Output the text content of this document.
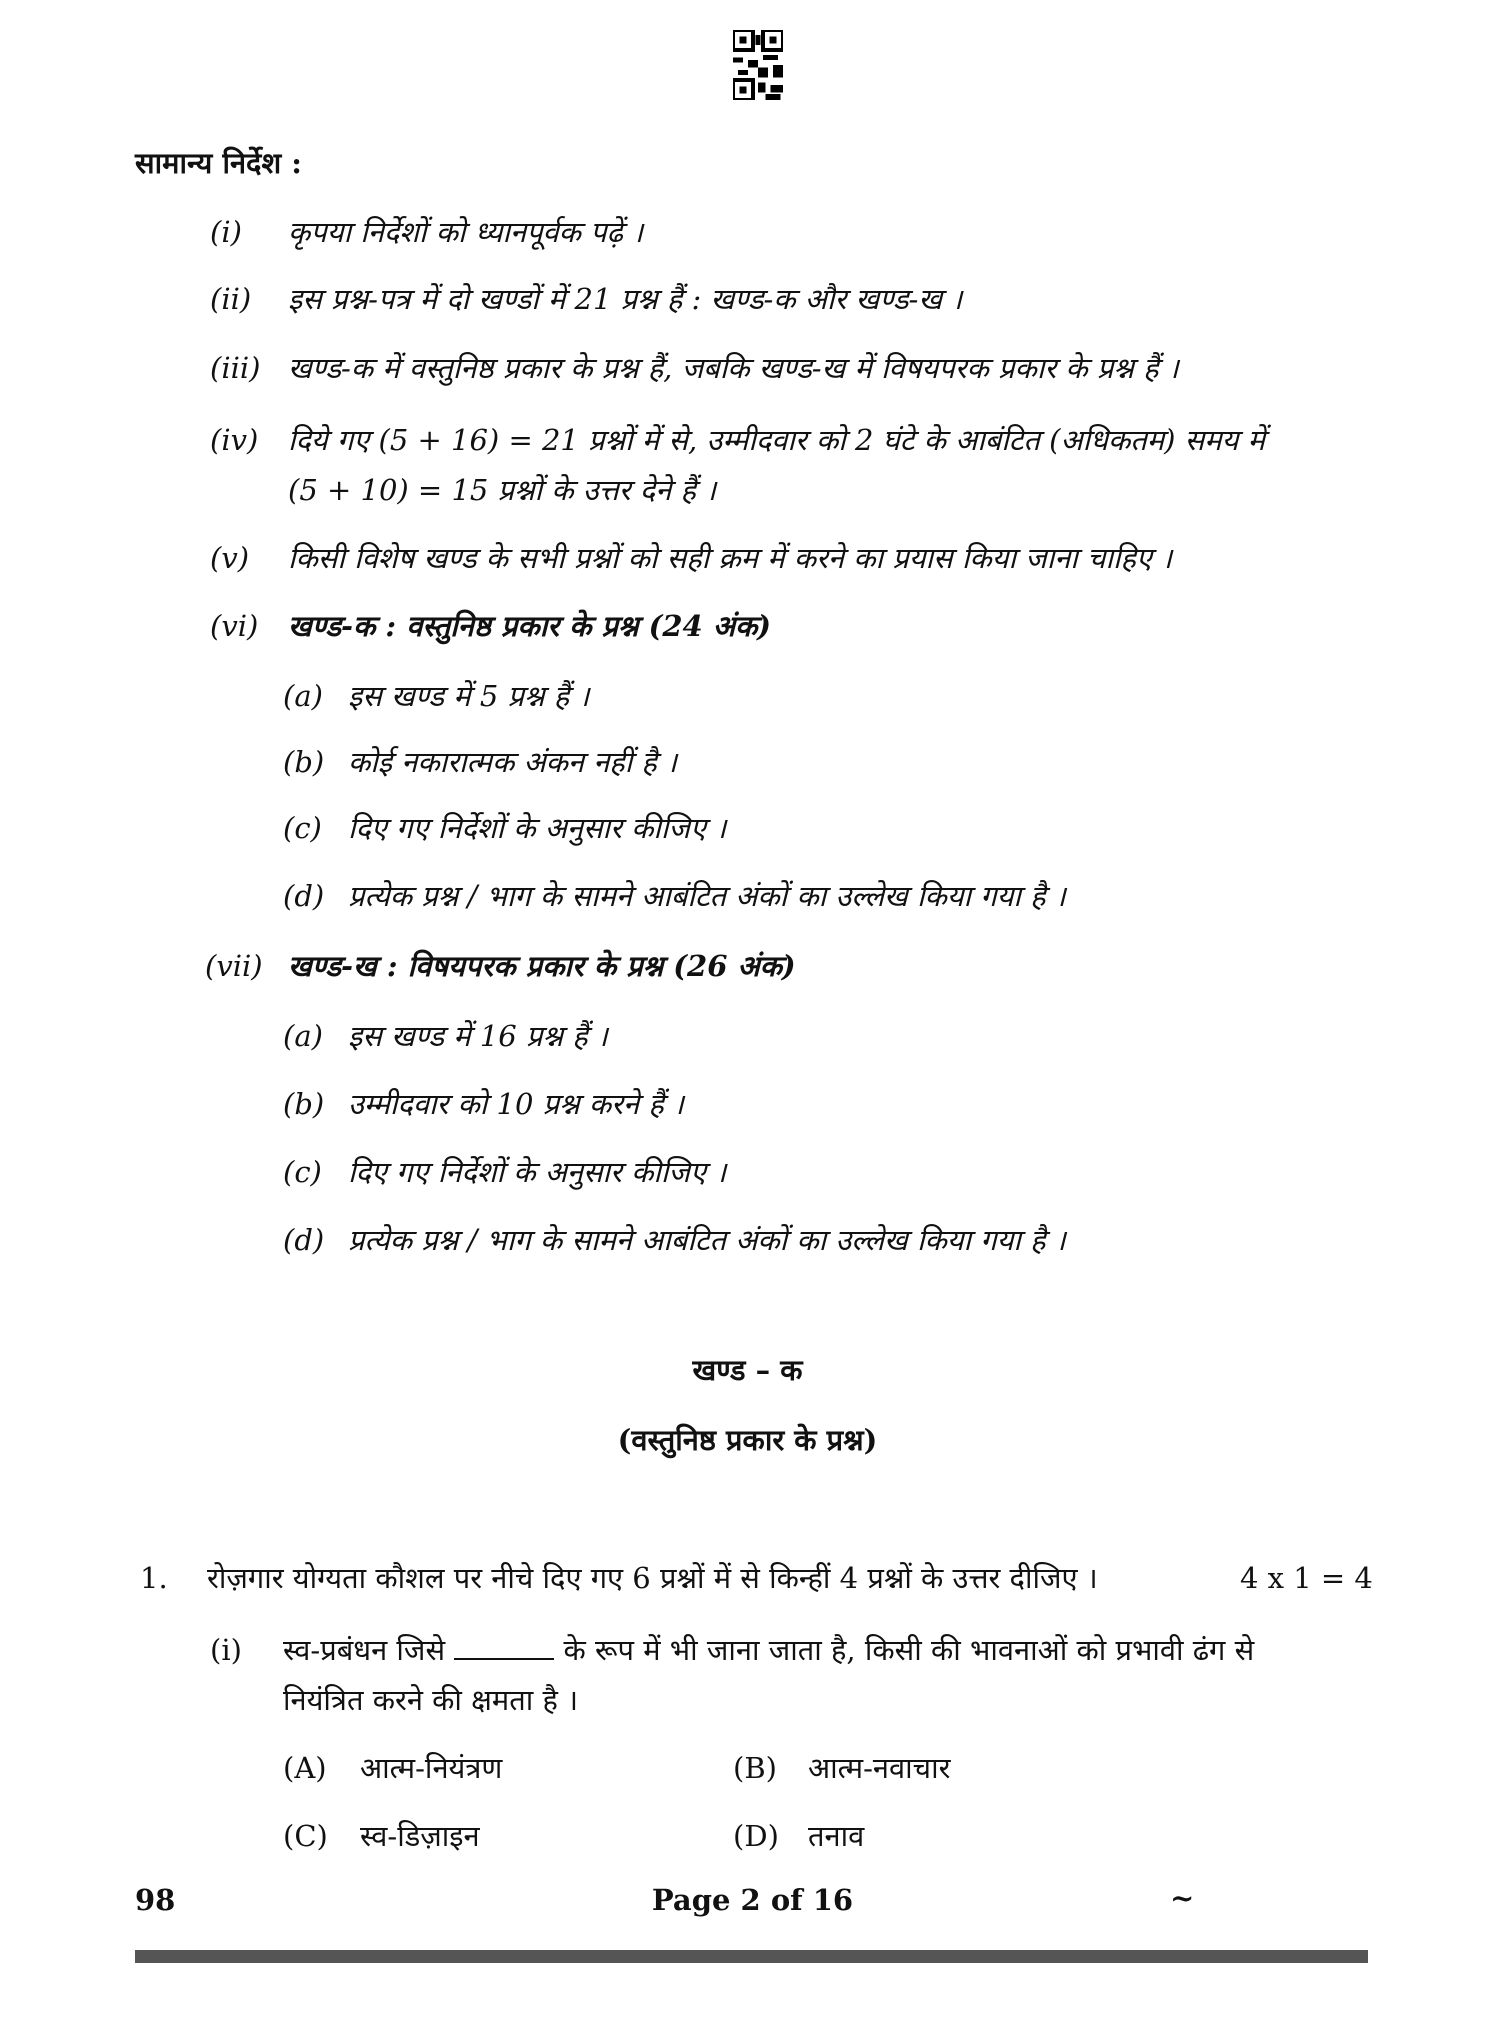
सामान्य निर्देश :
(i) कृपया निर्देशों को ध्यानपूर्वक पढ़ें ।
(ii) इस प्रश्न-पत्र में दो खण्डों में 21 प्रश्न हैं : खण्ड-क और खण्ड-ख ।
(iii) खण्ड-क में वस्तुनिष्ठ प्रकार के प्रश्न हैं, जबकि खण्ड-ख में विषयपरक प्रकार के प्रश्न हैं ।
(iv) दिये गए (5 + 16) = 21 प्रश्नों में से, उम्मीदवार को 2 घंटे के आबंटित (अधिकतम) समय में
(5 + 10) = 15 प्रश्नों के उत्तर देने हैं ।
(v) किसी विशेष खण्ड के सभी प्रश्नों को सही क्रम में करने का प्रयास किया जाना चाहिए ।
(vi) खण्ड-क : वस्तुनिष्ठ प्रकार के प्रश्न (24 अंक)
(a) इस खण्ड में 5 प्रश्न हैं ।
(b) कोई नकारात्मक अंकन नहीं है ।
(c) दिए गए निर्देशों के अनुसार कीजिए ।
(d) प्रत्येक प्रश्न / भाग के सामने आबंटित अंकों का उल्लेख किया गया है ।
(vii) खण्ड-ख : विषयपरक प्रकार के प्रश्न (26 अंक)
(a) इस खण्ड में 16 प्रश्न हैं ।
(b) उम्मीदवार को 10 प्रश्न करने हैं ।
(c) दिए गए निर्देशों के अनुसार कीजिए ।
(d) प्रत्येक प्रश्न / भाग के सामने आबंटित अंकों का उल्लेख किया गया है ।
खण्ड – क
(वस्तुनिष्ठ प्रकार के प्रश्न)
1. रोज़गार योग्यता कौशल पर नीचे दिए गए 6 प्रश्नों में से किन्हीं 4 प्रश्नों के उत्तर दीजिए ।	4 x 1 = 4
(i) स्व-प्रबंधन जिसे	के रूप में भी जाना जाता है, किसी की भावनाओं को प्रभावी ढंग से
नियंत्रित करने की क्षमता है ।
(A) आत्म-नियंत्रण	(B) आत्म-नवाचार
(C) स्व-डिज़ाइन	(D) तनाव
98	Page 2 of 16	~
